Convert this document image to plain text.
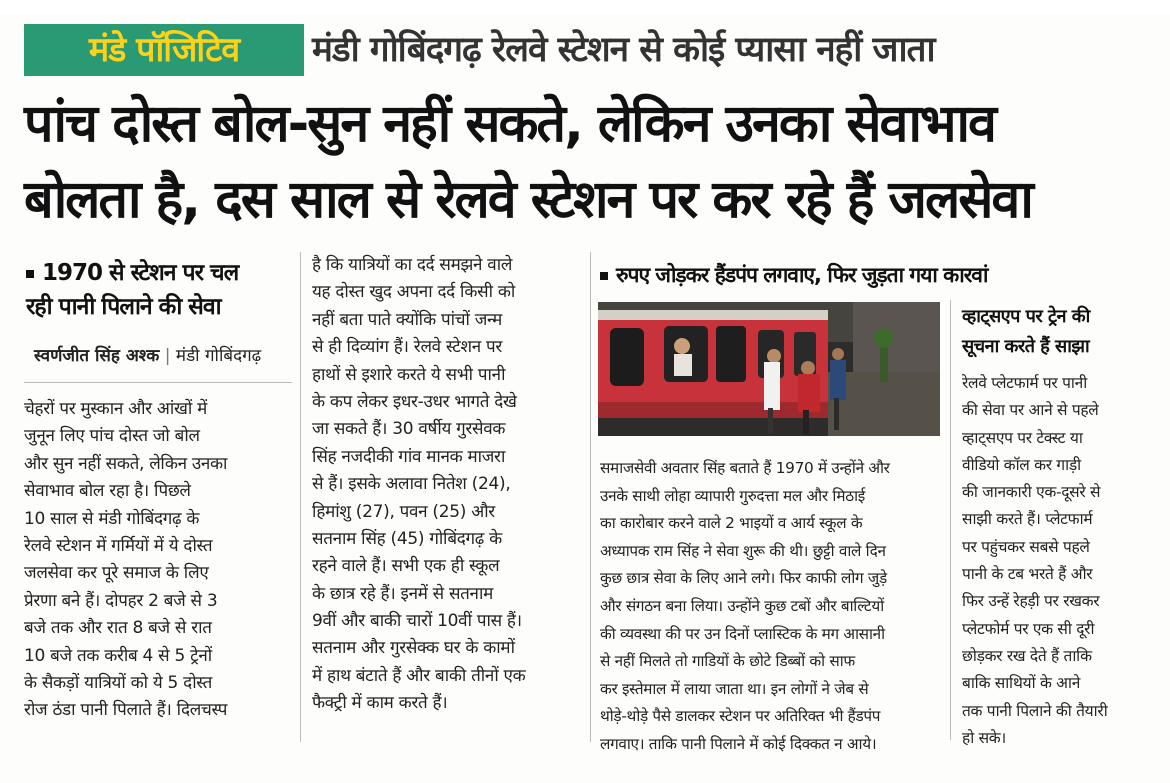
मंडे पॉजिटिव	मंडी गोबिंदगढ़ रेलवे स्टेशन से कोई प्यासा नहीं जाता
पांच दोस्त बोल-सुन नहीं सकते, लेकिन उनका सेवाभाव
बोलता है, दस साल से रेलवे स्टेशन पर कर रहे हैं जलसेवा
1970 से स्टेशन पर चल
रही पानी पिलाने की सेवा
स्वर्णजीत सिंह अश्क | मंडी गोबिंदगढ़
चेहरों पर मुस्कान और आंखों में
जुनून लिए पांच दोस्त जो बोल
और सुन नहीं सकते, लेकिन उनका
सेवाभाव बोल रहा है। पिछले
10 साल से मंडी गोबिंदगढ़ के
रेलवे स्टेशन में गर्मियों में ये दोस्त
जलसेवा कर पूरे समाज के लिए
प्रेरणा बने हैं। दोपहर 2 बजे से 3
बजे तक और रात 8 बजे से रात
10 बजे तक करीब 4 से 5 ट्रेनों
के सैकड़ों यात्रियों को ये 5 दोस्त
रोज ठंडा पानी पिलाते हैं। दिलचस्प
है कि यात्रियों का दर्द समझने वाले
यह दोस्त खुद अपना दर्द किसी को
नहीं बता पाते क्योंकि पांचों जन्म
से ही दिव्यांग हैं। रेलवे स्टेशन पर
हाथों से इशारे करते ये सभी पानी
के कप लेकर इधर-उधर भागते देखे
जा सकते हैं। 30 वर्षीय गुरसेवक
सिंह नजदीकी गांव मानक माजरा
से हैं। इसके अलावा नितेश (24),
हिमांशु (27), पवन (25) और
सतनाम सिंह (45) गोबिंदगढ़ के
रहने वाले हैं। सभी एक ही स्कूल
के छात्र रहे हैं। इनमें से सतनाम
9वीं और बाकी चारों 10वीं पास हैं।
सतनाम और गुरसेक्क घर के कामों
में हाथ बंटाते हैं और बाकी तीनों एक
फैक्ट्री में काम करते हैं।
रुपए जोड़कर हैंडपंप लगवाए, फिर जुड़ता गया कारवां
समाजसेवी अवतार सिंह बताते हैं 1970 में उन्होंने और
उनके साथी लोहा व्यापारी गुरुदत्ता मल और मिठाई
का कारोबार करने वाले 2 भाइयों व आर्य स्कूल के
अध्यापक राम सिंह ने सेवा शुरू की थी। छुट्टी वाले दिन
कुछ छात्र सेवा के लिए आने लगे। फिर काफी लोग जुड़े
और संगठन बना लिया। उन्होंने कुछ टबों और बाल्टियों
की व्यवस्था की पर उन दिनों प्लास्टिक के मग आसानी
से नहीं मिलते तो गाडियों के छोटे डिब्बों को साफ
कर इस्तेमाल में लाया जाता था। इन लोगों ने जेब से
थोड़े-थोड़े पैसे डालकर स्टेशन पर अतिरिक्त भी हैंडपंप
लगवाए। ताकि पानी पिलाने में कोई दिक्कत न आये।
व्हाट्सएप पर ट्रेन की
सूचना करते हैं साझा
रेलवे प्लेटफार्म पर पानी
की सेवा पर आने से पहले
व्हाट्सएप पर टेक्स्ट या
वीडियो कॉल कर गाड़ी
की जानकारी एक-दूसरे से
साझी करते हैं। प्लेटफार्म
पर पहुंचकर सबसे पहले
पानी के टब भरते हैं और
फिर उन्हें रेहड़ी पर रखकर
प्लेटफोर्म पर एक सी दूरी
छोड़कर रख देते हैं ताकि
बाकि साथियों के आने
तक पानी पिलाने की तैयारी
हो सके।
